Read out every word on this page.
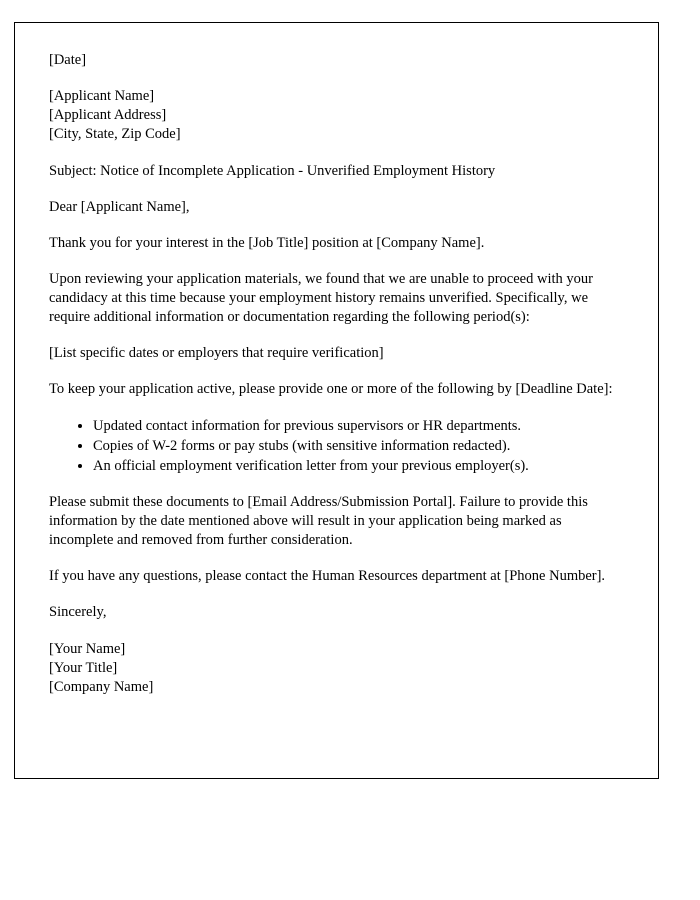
[Date]
[Applicant Name]
[Applicant Address]
[City, State, Zip Code]
Subject: Notice of Incomplete Application - Unverified Employment History
Dear [Applicant Name],
Thank you for your interest in the [Job Title] position at [Company Name].
Upon reviewing your application materials, we found that we are unable to proceed with your candidacy at this time because your employment history remains unverified. Specifically, we require additional information or documentation regarding the following period(s):
[List specific dates or employers that require verification]
To keep your application active, please provide one or more of the following by [Deadline Date]:
• Updated contact information for previous supervisors or HR departments.
• Copies of W-2 forms or pay stubs (with sensitive information redacted).
• An official employment verification letter from your previous employer(s).
Please submit these documents to [Email Address/Submission Portal]. Failure to provide this information by the date mentioned above will result in your application being marked as incomplete and removed from further consideration.
If you have any questions, please contact the Human Resources department at [Phone Number].
Sincerely,
[Your Name]
[Your Title]
[Company Name]
